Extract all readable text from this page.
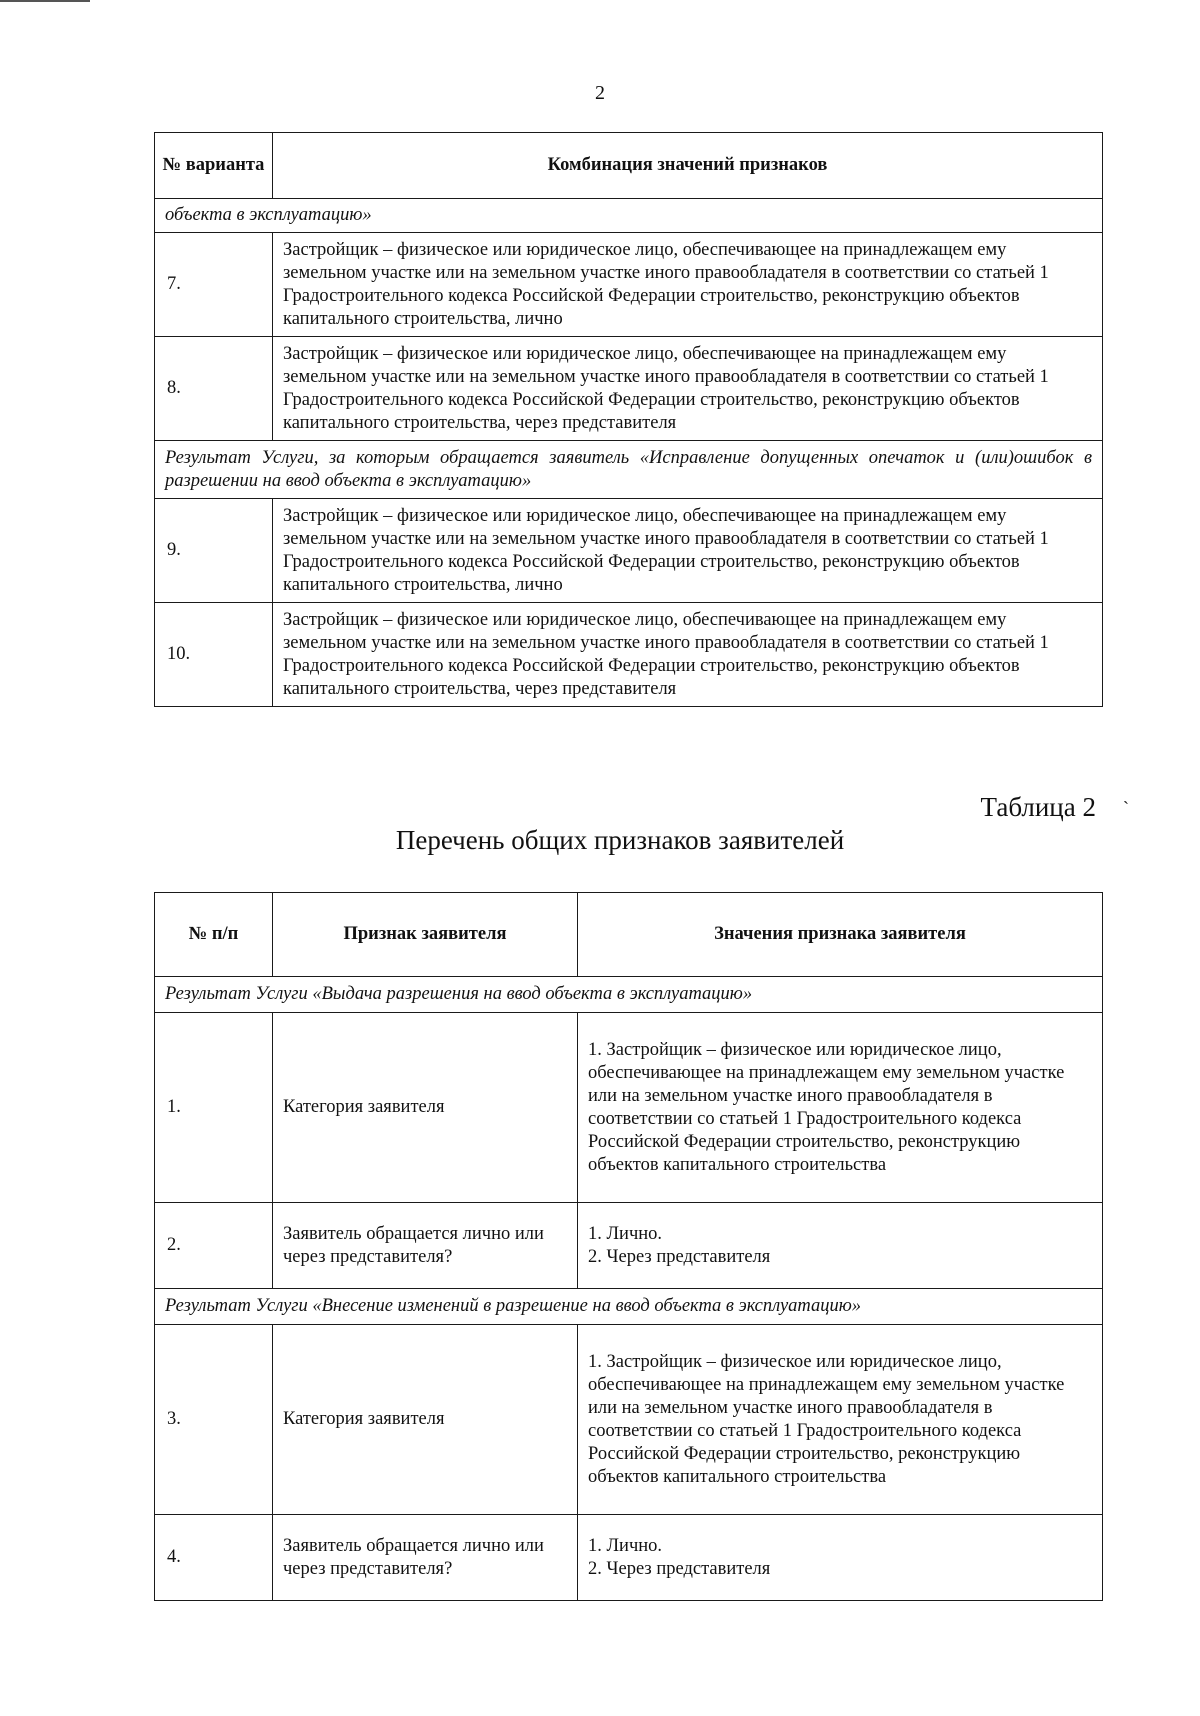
2
№ варианта	Комбинация значений признаков
объекта в эксплуатацию»	
7.	Застройщик – физическое или юридическое лицо, обеспечивающее на принадлежащем ему земельном участке или на земельном участке иного правообладателя в соответствии со статьей 1 Градостроительного кодекса Российской Федерации строительство, реконструкцию объектов капитального строительства, лично
8.	Застройщик – физическое или юридическое лицо, обеспечивающее на принадлежащем ему земельном участке или на земельном участке иного правообладателя в соответствии со статьей 1 Градостроительного кодекса Российской Федерации строительство, реконструкцию объектов капитального строительства, через представителя
Результат Услуги, за которым обращается заявитель «Исправление допущенных опечаток и (или)ошибок в разрешении на ввод объекта в эксплуатацию»	
9.	Застройщик – физическое или юридическое лицо, обеспечивающее на принадлежащем ему земельном участке или на земельном участке иного правообладателя в соответствии со статьей 1 Градостроительного кодекса Российской Федерации строительство, реконструкцию объектов капитального строительства, лично
10.	Застройщик – физическое или юридическое лицо, обеспечивающее на принадлежащем ему земельном участке или на земельном участке иного правообладателя в соответствии со статьей 1 Градостроительного кодекса Российской Федерации строительство, реконструкцию объектов капитального строительства, через представителя
Таблица 2 ˋ
Перечень общих признаков заявителей
№ п/п	Признак заявителя	Значения признака заявителя
Результат Услуги «Выдача разрешения на ввод объекта в эксплуатацию»		
1.	Категория заявителя	1. Застройщик – физическое или юридическое лицо, обеспечивающее на принадлежащем ему земельном участке или на земельном участке иного правообладателя в соответствии со статьей 1 Градостроительного кодекса Российской Федерации строительство, реконструкцию объектов капитального строительства

2.	Заявитель обращается лично или через представителя?	1. Лично.
2. Через представителя

Результат Услуги «Внесение изменений в разрешение на ввод объекта в эксплуатацию»		
3.	Категория заявителя	1. Застройщик – физическое или юридическое лицо, обеспечивающее на принадлежащем ему земельном участке или на земельном участке иного правообладателя в соответствии со статьей 1 Градостроительного кодекса Российской Федерации строительство, реконструкцию объектов капитального строительства

4.	Заявитель обращается лично или через представителя?	1. Лично.
2. Через представителя
